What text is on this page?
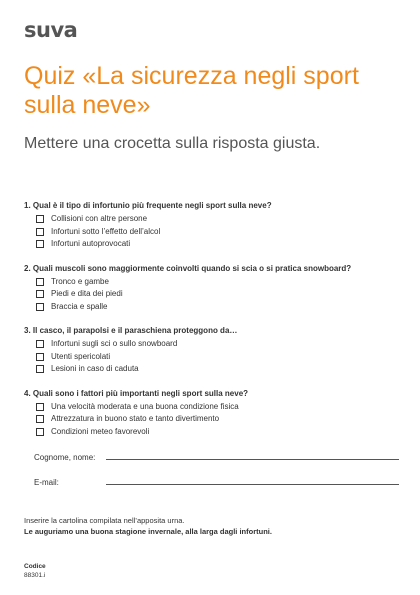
suva
Quiz «La sicurezza negli sport sulla neve»
Mettere una crocetta sulla risposta giusta.
1. Qual è il tipo di infortunio più frequente negli sport sulla neve?
Collisioni con altre persone
Infortuni sotto l’effetto dell’alcol
Infortuni autoprovocati
2. Quali muscoli sono maggiormente coinvolti quando si scia o si pratica snowboard?
Tronco e gambe
Piedi e dita dei piedi
Braccia e spalle
3. Il casco, il parapolsi e il paraschiena proteggono da…
Infortuni sugli sci o sullo snowboard
Utenti spericolati
Lesioni in caso di caduta
4. Quali sono i fattori più importanti negli sport sulla neve?
Una velocità moderata e una buona condizione fisica
Attrezzatura in buono stato e tanto divertimento
Condizioni meteo favorevoli
Cognome, nome:
E-mail:
Inserire la cartolina compilata nell’apposita urna.
Le auguriamo una buona stagione invernale, alla larga dagli infortuni.
Codice
88301.i
